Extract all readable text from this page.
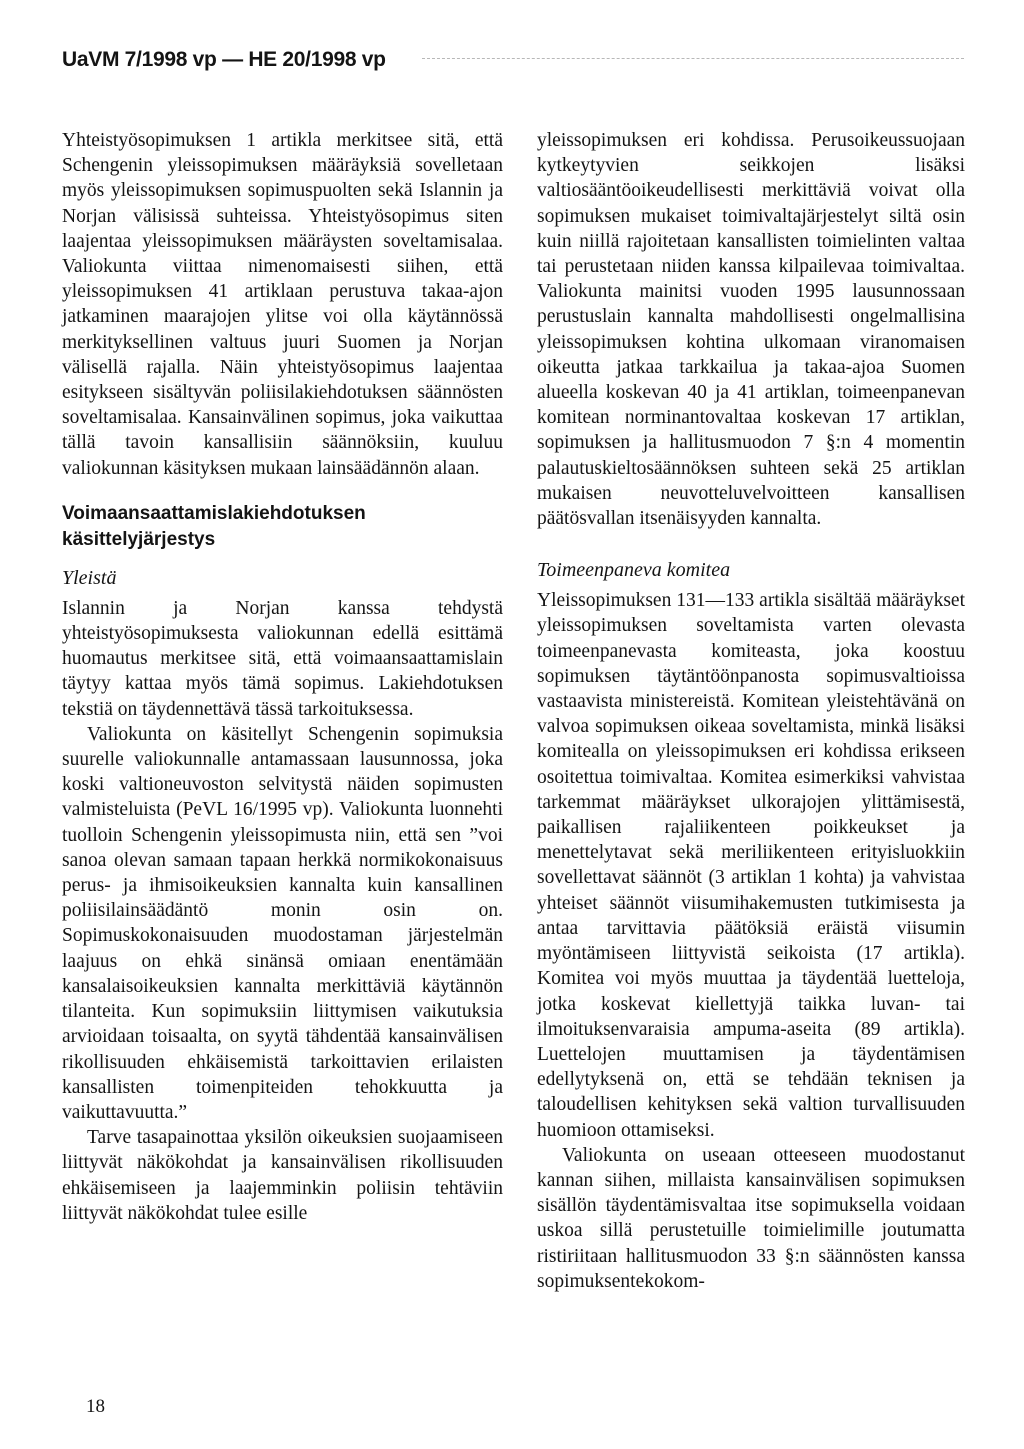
UaVM 7/1998 vp — HE 20/1998 vp

Yhteistyösopimuksen 1 artikla merkitsee sitä, että Schengenin yleissopimuksen määräyksiä sovelletaan myös yleissopimuksen sopimuspuolten sekä Islannin ja Norjan välisissä suhteissa. Yhteistyösopimus siten laajentaa yleissopimuksen määräysten soveltamisalaa. Valiokunta viittaa nimenomaisesti siihen, että yleissopimuksen 41 artiklaan perustuva takaa-ajon jatkaminen maarajojen ylitse voi olla käytännössä merkityksellinen valtuus juuri Suomen ja Norjan välisellä rajalla. Näin yhteistyösopimus laajentaa esitykseen sisältyvän poliisilakiehdotuksen säännösten soveltamisalaa. Kansainvälinen sopimus, joka vaikuttaa tällä tavoin kansallisiin säännöksiin, kuuluu valiokunnan käsityksen mukaan lainsäädännön alaan.

Voimaansaattamislakiehdotuksen käsittelyjärjestys
Yleistä

Islannin ja Norjan kanssa tehdystä yhteistyösopimuksesta valiokunnan edellä esittämä huomautus merkitsee sitä, että voimaansaattamislain täytyy kattaa myös tämä sopimus. Lakiehdotuksen tekstiä on täydennettävä tässä tarkoituksessa.

Valiokunta on käsitellyt Schengenin sopimuksia suurelle valiokunnalle antamassaan lausunnossa, joka koski valtioneuvoston selvitystä näiden sopimusten valmisteluista (PeVL 16/1995 vp). Valiokunta luonnehti tuolloin Schengenin yleissopimusta niin, että sen ”voi sanoa olevan samaan tapaan herkkä normikokonaisuus perus- ja ihmisoikeuksien kannalta kuin kansallinen poliisilainsäädäntö monin osin on. Sopimuskokonaisuuden muodostaman järjestelmän laajuus on ehkä sinänsä omiaan enentämään kansalaisoikeuksien kannalta merkittäviä käytännön tilanteita. Kun sopimuksiin liittymisen vaikutuksia arvioidaan toisaalta, on syytä tähdentää kansainvälisen rikollisuuden ehkäisemistä tarkoittavien erilaisten kansallisten toimenpiteiden tehokkuutta ja vaikuttavuutta.”

Tarve tasapainottaa yksilön oikeuksien suojaamiseen liittyvät näkökohdat ja kansainvälisen rikollisuuden ehkäisemiseen ja laajemminkin poliisin tehtäviin liittyvät näkökohdat tulee esille

yleissopimuksen eri kohdissa. Perusoikeussuojaan kytkeytyvien seikkojen lisäksi valtiosääntöoikeudellisesti merkittäviä voivat olla sopimuksen mukaiset toimivaltajärjestelyt siltä osin kuin niillä rajoitetaan kansallisten toimielinten valtaa tai perustetaan niiden kanssa kilpailevaa toimivaltaa. Valiokunta mainitsi vuoden 1995 lausunnossaan perustuslain kannalta mahdollisesti ongelmallisina yleissopimuksen kohtina ulkomaan viranomaisen oikeutta jatkaa tarkkailua ja takaa-ajoa Suomen alueella koskevan 40 ja 41 artiklan, toimeenpanevan komitean norminantovaltaa koskevan 17 artiklan, sopimuksen ja hallitusmuodon 7 §:n 4 momentin palautuskieltosäännöksen suhteen sekä 25 artiklan mukaisen neuvotteluvelvoitteen kansallisen päätösvallan itsenäisyyden kannalta.

Toimeenpaneva komitea

Yleissopimuksen 131—133 artikla sisältää määräykset yleissopimuksen soveltamista varten olevasta toimeenpanevasta komiteasta, joka koostuu sopimuksen täytäntöönpanosta sopimusvaltioissa vastaavista ministereistä. Komitean yleistehtävänä on valvoa sopimuksen oikeaa soveltamista, minkä lisäksi komitealla on yleissopimuksen eri kohdissa erikseen osoitettua toimivaltaa. Komitea esimerkiksi vahvistaa tarkemmat määräykset ulkorajojen ylittämisestä, paikallisen rajaliikenteen poikkeukset ja menettelytavat sekä meriliikenteen erityisluokkiin sovellettavat säännöt (3 artiklan 1 kohta) ja vahvistaa yhteiset säännöt viisumihakemusten tutkimisesta ja antaa tarvittavia päätöksiä eräistä viisumin myöntämiseen liittyvistä seikoista (17 artikla). Komitea voi myös muuttaa ja täydentää luetteloja, jotka koskevat kiellettyjä taikka luvan- tai ilmoituksenvaraisia ampuma-aseita (89 artikla). Luettelojen muuttamisen ja täydentämisen edellytyksenä on, että se tehdään teknisen ja taloudellisen kehityksen sekä valtion turvallisuuden huomioon ottamiseksi.

Valiokunta on useaan otteeseen muodostanut kannan siihen, millaista kansainvälisen sopimuksen sisällön täydentämisvaltaa itse sopimuksella voidaan uskoa sillä perustetuille toimielimille joutumatta ristiriitaan hallitusmuodon 33 §:n säännösten kanssa sopimuksentekokom-

18
